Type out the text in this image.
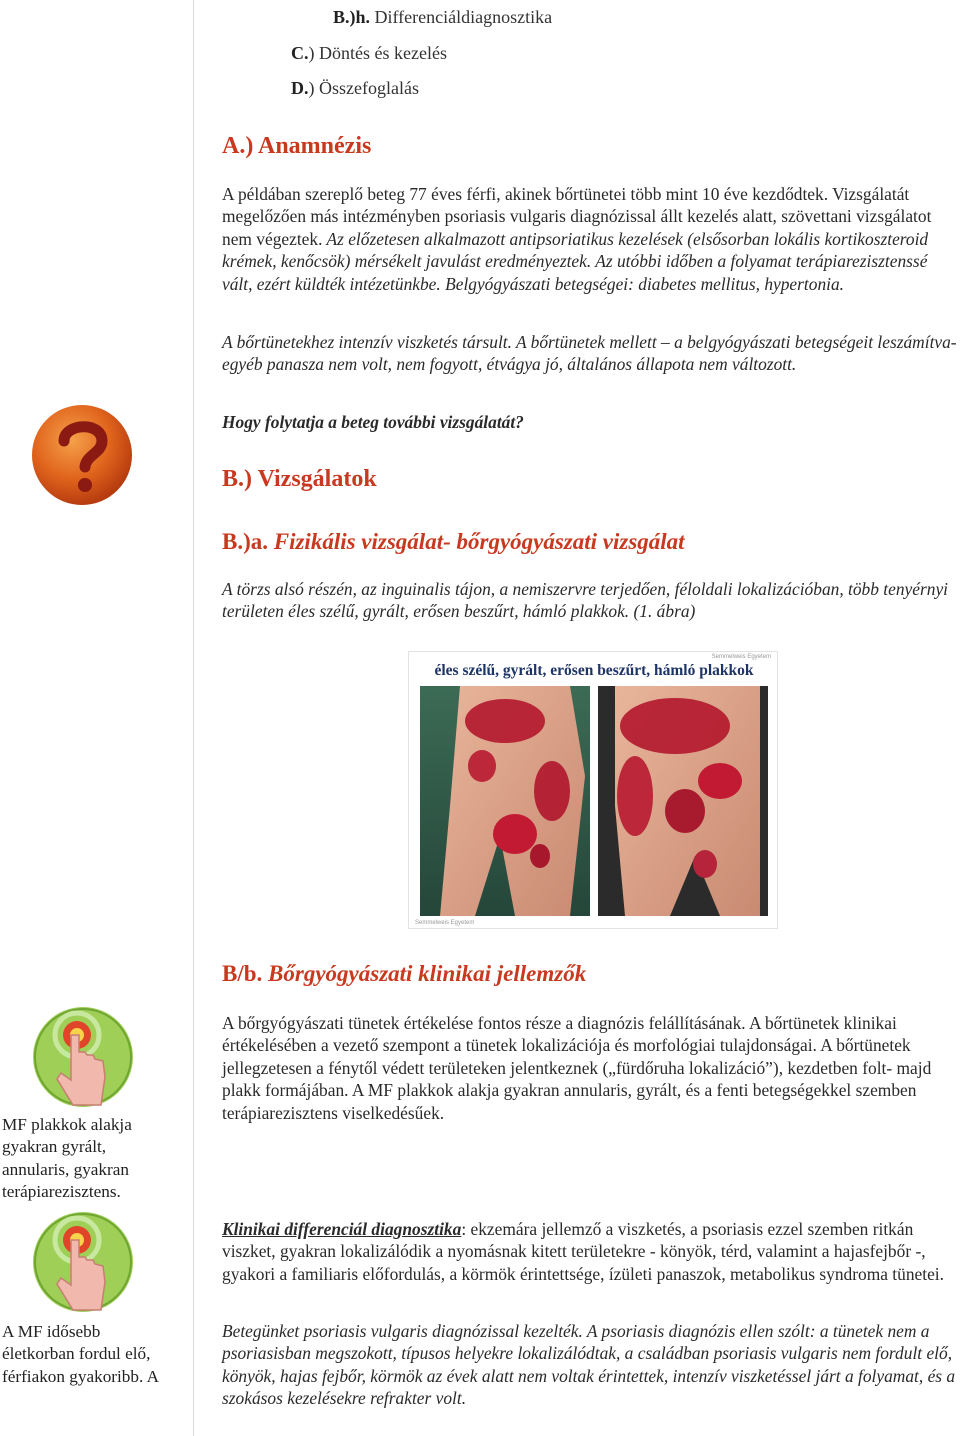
B.)h. Differenciáldiagnosztika
C.) Döntés és kezelés
D.) Összefoglalás
A.) Anamnézis
A példában szereplő beteg 77 éves férfi, akinek bőrtünetei több mint 10 éve kezdődtek. Vizsgálatát megelőzően más intézményben psoriasis vulgaris diagnózissal állt kezelés alatt, szövettani vizsgálatot nem végeztek. Az előzetesen alkalmazott antipsoriatikus kezelések (elsősorban lokális kortikoszteroid krémek, kenőcsök) mérsékelt javulást eredményeztek. Az utóbbi időben a folyamat terápiarezisztenssé vált, ezért küldték intézetünkbe. Belgyógyászati betegségei: diabetes mellitus, hypertonia.
A bőrtünetekhez intenzív viszketés társult. A bőrtünetek mellett – a belgyógyászati betegségeit leszámítva- egyéb panasza nem volt, nem fogyott, étvágya jó, általános állapota nem változott.
Hogy folytatja a beteg további vizsgálatát?
B.) Vizsgálatok
B.)a. Fizikális vizsgálat- bőrgyógyászati vizsgálat
A törzs alsó részén, az inguinalis tájon, a nemiszervre terjedően, féloldali lokalizációban, több tenyérnyi területen éles szélű, gyrált, erősen beszűrt, hámló plakkok. (1. ábra)
Semmelweis Egyetem
éles szélű, gyrált, erősen beszűrt, hámló plakkok
Semmelweis Egyetem
B/b. Bőrgyógyászati klinikai jellemzők
A bőrgyógyászati tünetek értékelése fontos része a diagnózis felállításának. A bőrtünetek klinikai értékelésében a vezető szempont a tünetek lokalizációja és morfológiai tulajdonságai. A bőrtünetek jellegzetesen a fénytől védett területeken jelentkeznek („fürdőruha lokalizáció”), kezdetben folt- majd plakk formájában. A MF plakkok alakja gyakran annularis, gyrált, és a fenti betegségekkel szemben terápiarezisztens viselkedésűek.
Klinikai differenciál diagnosztika: ekzemára jellemző a viszketés, a psoriasis ezzel szemben ritkán viszket, gyakran lokalizálódik a nyomásnak kitett területekre - könyök, térd, valamint a hajasfejbőr -, gyakori a familiaris előfordulás, a körmök érintettsége, ízületi panaszok, metabolikus syndroma tünetei.
Betegünket psoriasis vulgaris diagnózissal kezelték. A psoriasis diagnózis ellen szólt: a tünetek nem a psoriasisban megszokott, típusos helyekre lokalizálódtak, a családban psoriasis vulgaris nem fordult elő, könyök, hajas fejbőr, körmök az évek alatt nem voltak érintettek, intenzív viszketéssel járt a folyamat, és a szokásos kezelésekre refrakter volt.
MF plakkok alakja gyakran gyrált, annularis, gyakran terápiarezisztens.
A MF idősebb életkorban fordul elő, férfiakon gyakoribb. A
